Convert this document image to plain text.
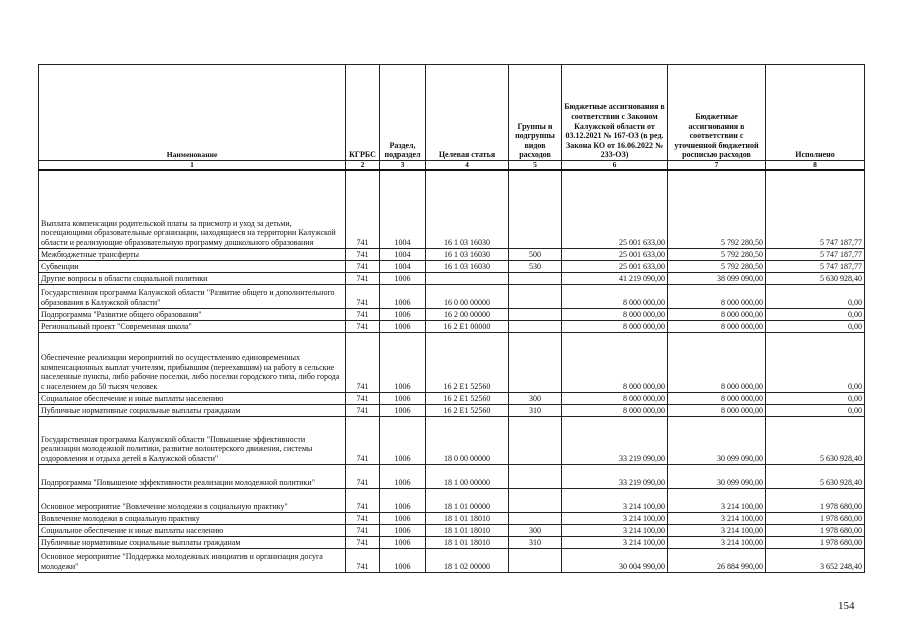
Наименование	КГРБС	Раздел, подраздел	Целевая статья	Группы и подгруппы видов расходов	Бюджетные ассигнования в соответствии с Законом Калужской области от 03.12.2021 № 167-ОЗ (в ред. Закона КО от 16.06.2022 № 233-ОЗ)	Бюджетные ассигнования в соответствии с уточненной бюджетной росписью расходов	Исполнено
1	2	3	4	5	6	7	8
Выплата компенсации родительской платы за присмотр и уход за детьми, посещающими образовательные организации, находящиеся на территории Калужской области и реализующие образовательную программу дошкольного образования	741	1004	16 1 03 16030		25 001 633,00	5 792 280,50	5 747 187,77
Межбюджетные трансферты	741	1004	16 1 03 16030	500	25 001 633,00	5 792 280,50	5 747 187,77
Субвенции	741	1004	16 1 03 16030	530	25 001 633,00	5 792 280,50	5 747 187,77
Другие вопросы в области социальной политики	741	1006			41 219 090,00	38 099 090,00	5 630 928,40
Государственная программа Калужской области "Развитие общего и дополнительного образования в Калужской области"	741	1006	16 0 00 00000		8 000 000,00	8 000 000,00	0,00
Подпрограмма "Развитие общего образования"	741	1006	16 2 00 00000		8 000 000,00	8 000 000,00	0,00
Региональный проект "Современная школа"	741	1006	16 2 E1 00000		8 000 000,00	8 000 000,00	0,00
Обеспечение реализации мероприятий по осуществлению единовременных компенсационных выплат учителям, прибывшим (переехавшим) на работу в сельские населенные пункты, либо рабочие поселки, либо поселки городского типа, либо города с населением до 50 тысяч человек	741	1006	16 2 E1 52560		8 000 000,00	8 000 000,00	0,00
Социальное обеспечение и иные выплаты населению	741	1006	16 2 E1 52560	300	8 000 000,00	8 000 000,00	0,00
Публичные нормативные социальные выплаты гражданам	741	1006	16 2 E1 52560	310	8 000 000,00	8 000 000,00	0,00
Государственная программа Калужской области "Повышение эффективности реализации молодежной политики, развитие волонтерского движения, системы оздоровления и отдыха детей в Калужской области"	741	1006	18 0 00 00000		33 219 090,00	30 099 090,00	5 630 928,40
Подпрограмма "Повышение эффективности реализации молодежной политики"	741	1006	18 1 00 00000		33 219 090,00	30 099 090,00	5 630 928,40
Основное мероприятие "Вовлечение молодежи в социальную практику"	741	1006	18 1 01 00000		3 214 100,00	3 214 100,00	1 978 680,00
Вовлечение молодежи в социальную практику	741	1006	18 1 01 18010		3 214 100,00	3 214 100,00	1 978 680,00
Социальное обеспечение и иные выплаты населению	741	1006	18 1 01 18010	300	3 214 100,00	3 214 100,00	1 978 680,00
Публичные нормативные социальные выплаты гражданам	741	1006	18 1 01 18010	310	3 214 100,00	3 214 100,00	1 978 680,00
Основное мероприятие "Поддержка молодежных инициатив и организация досуга молодежи"	741	1006	18 1 02 00000		30 004 990,00	26 884 990,00	3 652 248,40
154
